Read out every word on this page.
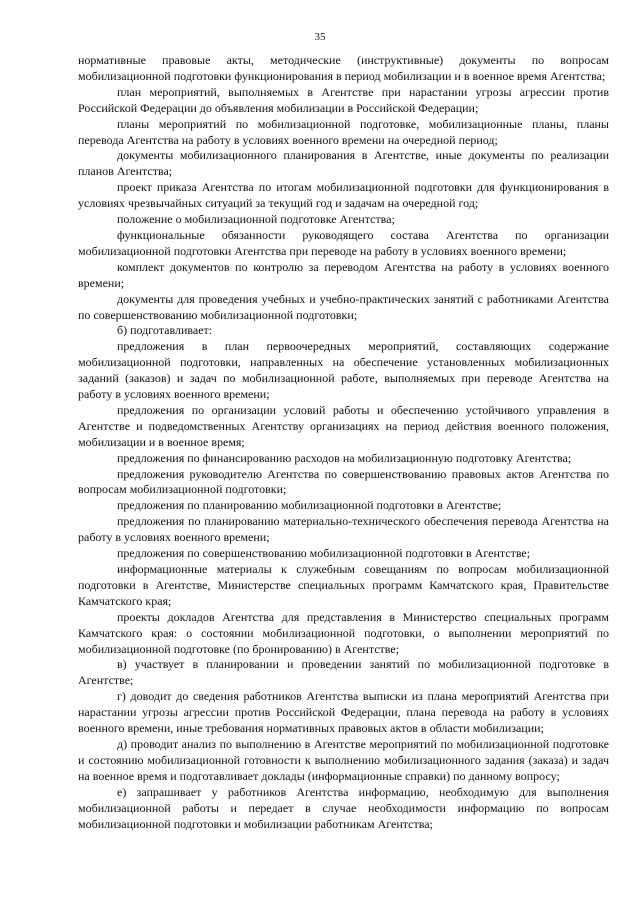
35

нормативные правовые акты, методические (инструктивные) документы по вопросам мобилизационной подготовки функционирования в период мобилизации и в военное время Агентства;

план мероприятий, выполняемых в Агентстве при нарастании угрозы агрессии против Российской Федерации до объявления мобилизации в Российской Федерации;

планы мероприятий по мобилизационной подготовке, мобилизационные планы, планы перевода Агентства на работу в условиях военного времени на очередной период;

документы мобилизационного планирования в Агентстве, иные документы по реализации планов Агентства;

проект приказа Агентства по итогам мобилизационной подготовки для функционирования в условиях чрезвычайных ситуаций за текущий год и задачам на очередной год;

положение о мобилизационной подготовке Агентства;

функциональные обязанности руководящего состава Агентства по организации мобилизационной подготовки Агентства при переводе на работу в условиях военного времени;

комплект документов по контролю за переводом Агентства на работу в условиях военного времени;

документы для проведения учебных и учебно-практических занятий с работниками Агентства по совершенствованию мобилизационной подготовки;

б) подготавливает:

предложения в план первоочередных мероприятий, составляющих содержание мобилизационной подготовки, направленных на обеспечение установленных мобилизационных заданий (заказов) и задач по мобилизационной работе, выполняемых при переводе Агентства на работу в условиях военного времени;

предложения по организации условий работы и обеспечению устойчивого управления в Агентстве и подведомственных Агентству организациях на период действия военного положения, мобилизации и в военное время;

предложения по финансированию расходов на мобилизационную подготовку Агентства;

предложения руководителю Агентства по совершенствованию правовых актов Агентства по вопросам мобилизационной подготовки;

предложения по планированию мобилизационной подготовки в Агентстве;

предложения по планированию материально-технического обеспечения перевода Агентства на работу в условиях военного времени;

предложения по совершенствованию мобилизационной подготовки в Агентстве;

информационные материалы к служебным совещаниям по вопросам мобилизационной подготовки в Агентстве, Министерстве специальных программ Камчатского края, Правительстве Камчатского края;

проекты докладов Агентства для представления в Министерство специальных программ Камчатского края: о состоянии мобилизационной подготовки, о выполнении мероприятий по мобилизационной подготовке (по бронированию) в Агентстве;

в) участвует в планировании и проведении занятий по мобилизационной подготовке в Агентстве;

г) доводит до сведения работников Агентства выписки из плана мероприятий Агентства при нарастании угрозы агрессии против Российской Федерации, плана перевода на работу в условиях военного времени, иные требования нормативных правовых актов в области мобилизации;

д) проводит анализ по выполнению в Агентстве мероприятий по мобилизационной подготовке и состоянию мобилизационной готовности к выполнению мобилизационного задания (заказа) и задач на военное время и подготавливает доклады (информационные справки) по данному вопросу;

е) запрашивает у работников Агентства информацию, необходимую для выполнения мобилизационной работы и передает в случае необходимости информацию по вопросам мобилизационной подготовки и мобилизации работникам Агентства;
